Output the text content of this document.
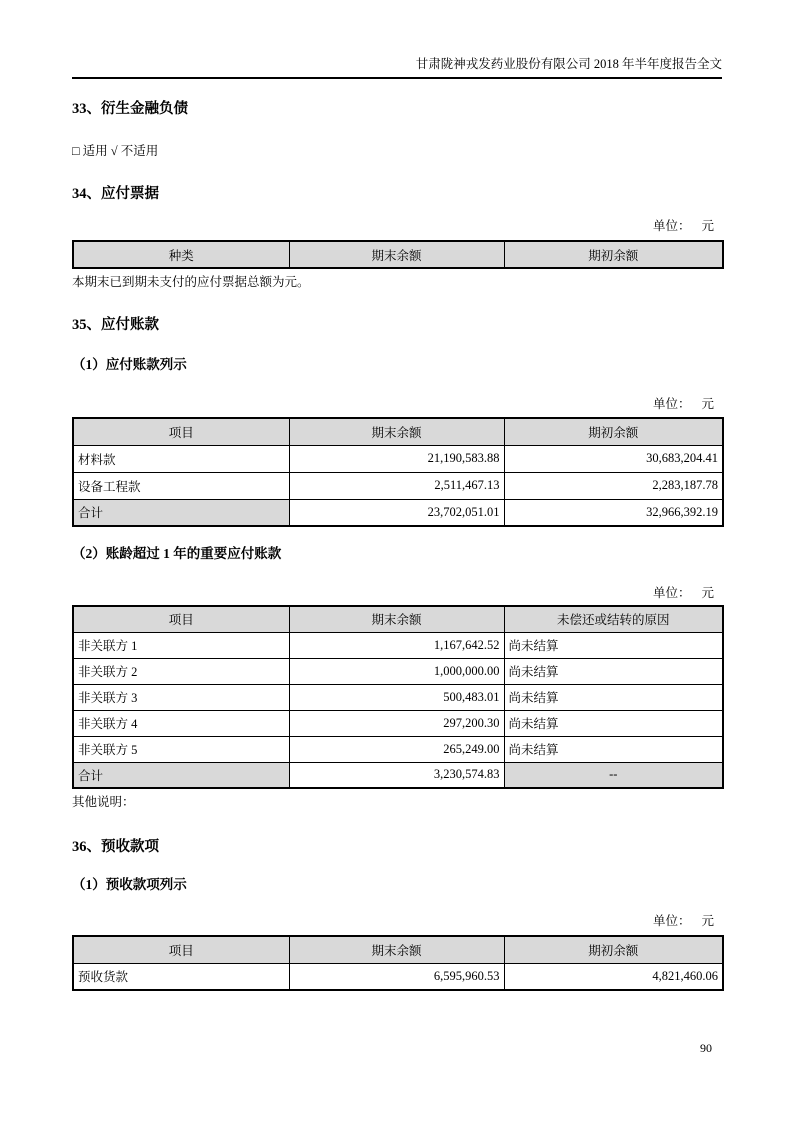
甘肃陇神戎发药业股份有限公司 2018 年半年度报告全文
33、衍生金融负债
□ 适用 √ 不适用
34、应付票据
单位： 元
种类	期末余额	期初余额
本期末已到期未支付的应付票据总额为元。
35、应付账款
（1）应付账款列示
单位： 元
项目	期末余额	期初余额
材料款	21,190,583.88	30,683,204.41
设备工程款	2,511,467.13	2,283,187.78
合计	23,702,051.01	32,966,392.19
（2）账龄超过 1 年的重要应付账款
单位： 元
项目	期末余额	未偿还或结转的原因
非关联方 1	1,167,642.52	尚未结算
非关联方 2	1,000,000.00	尚未结算
非关联方 3	500,483.01	尚未结算
非关联方 4	297,200.30	尚未结算
非关联方 5	265,249.00	尚未结算
合计	3,230,574.83	--
其他说明：
36、预收款项
（1）预收款项列示
单位： 元
项目	期末余额	期初余额
预收货款	6,595,960.53	4,821,460.06
90
